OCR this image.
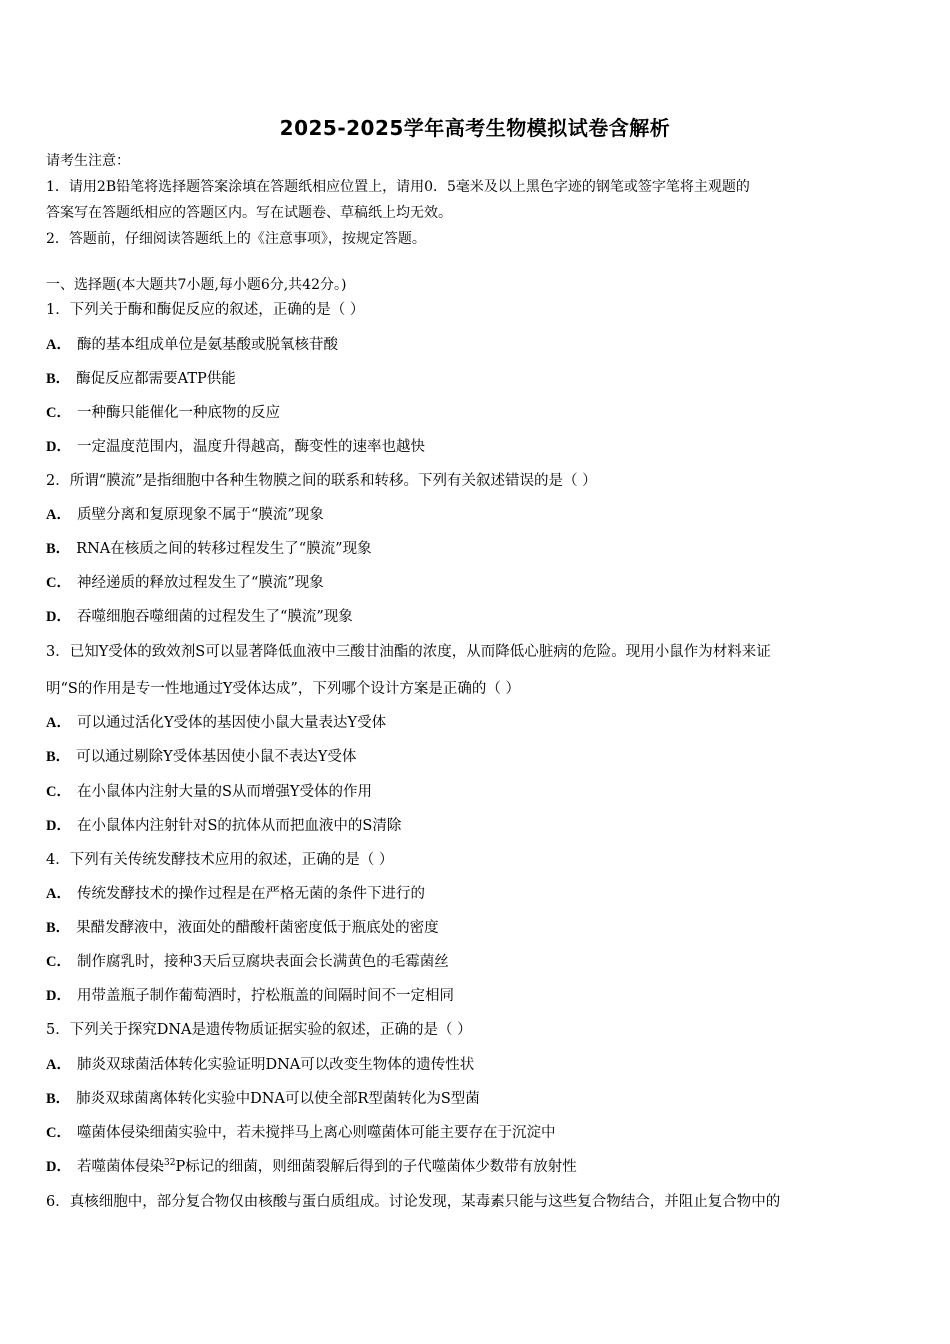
2025-2025学年高考生物模拟试卷含解析
请考生注意：
1．请用2B铅笔将选择题答案涂填在答题纸相应位置上，请用0．5毫米及以上黑色字迹的钢笔或签字笔将主观题的
答案写在答题纸相应的答题区内。写在试题卷、草稿纸上均无效。
2．答题前，仔细阅读答题纸上的《注意事项》，按规定答题。
一、选择题(本大题共7小题,每小题6分,共42分。)
1．下列关于酶和酶促反应的叙述，正确的是（ ）
A． 酶的基本组成单位是氨基酸或脱氧核苷酸
B． 酶促反应都需要ATP供能
C． 一种酶只能催化一种底物的反应
D． 一定温度范围内，温度升得越高，酶变性的速率也越快
2．所谓“膜流”是指细胞中各种生物膜之间的联系和转移。下列有关叙述错误的是（ ）
A． 质壁分离和复原现象不属于“膜流”现象
B． RNA在核质之间的转移过程发生了“膜流”现象
C． 神经递质的释放过程发生了“膜流”现象
D． 吞噬细胞吞噬细菌的过程发生了“膜流”现象
3．已知Y受体的致效剂S可以显著降低血液中三酸甘油酯的浓度，从而降低心脏病的危险。现用小鼠作为材料来证
明“S的作用是专一性地通过Y受体达成”，下列哪个设计方案是正确的（ ）
A． 可以通过活化Y受体的基因使小鼠大量表达Y受体
B． 可以通过剔除Y受体基因使小鼠不表达Y受体
C． 在小鼠体内注射大量的S从而增强Y受体的作用
D． 在小鼠体内注射针对S的抗体从而把血液中的S清除
4．下列有关传统发酵技术应用的叙述，正确的是（ ）
A． 传统发酵技术的操作过程是在严格无菌的条件下进行的
B． 果醋发酵液中，液面处的醋酸杆菌密度低于瓶底处的密度
C． 制作腐乳时，接种3天后豆腐块表面会长满黄色的毛霉菌丝
D． 用带盖瓶子制作葡萄酒时，拧松瓶盖的间隔时间不一定相同
5．下列关于探究DNA是遗传物质证据实验的叙述，正确的是（ ）
A． 肺炎双球菌活体转化实验证明DNA可以改变生物体的遗传性状
B． 肺炎双球菌离体转化实验中DNA可以使全部R型菌转化为S型菌
C． 噬菌体侵染细菌实验中，若未搅拌马上离心则噬菌体可能主要存在于沉淀中
D． 若噬菌体侵染$^{32}$P标记的细菌，则细菌裂解后得到的子代噬菌体少数带有放射性
6．真核细胞中，部分复合物仅由核酸与蛋白质组成。讨论发现，某毒素只能与这些复合物结合，并阻止复合物中的
